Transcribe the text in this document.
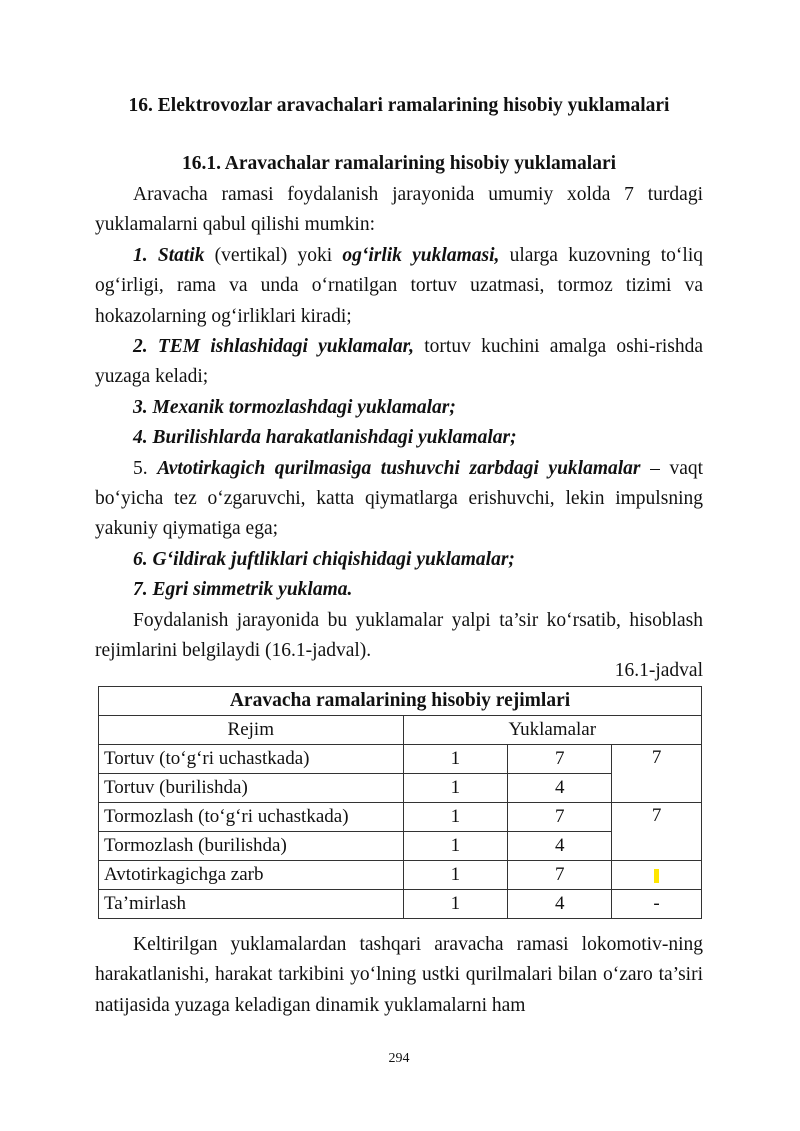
16. Elektrovozlar aravachalari ramalarining hisobiy yuklamalari
16.1. Aravachalar ramalarining hisobiy yuklamalari

Aravacha ramasi foydalanish jarayonida umumiy xolda 7 turdagi yuklamalarni qabul qilishi mumkin:

1. Statik (vertikal) yoki og‘irlik yuklamasi, ularga kuzovning to‘liq og‘irligi, rama va unda o‘rnatilgan tortuv uzatmasi, tormoz tizimi va hokazolarning og‘irliklari kiradi;

2. TEM ishlashidagi yuklamalar, tortuv kuchini amalga oshi-rishda yuzaga keladi;

3. Mexanik tormozlashdagi yuklamalar;

4. Burilishlarda harakatlanishdagi yuklamalar;

5. Avtotirkagich qurilmasiga tushuvchi zarbdagi yuklamalar – vaqt bo‘yicha tez o‘zgaruvchi, katta qiymatlarga erishuvchi, lekin impulsning yakuniy qiymatiga ega;

6. G‘ildirak juftliklari chiqishidagi yuklamalar;

7. Egri simmetrik yuklama.

Foydalanish jarayonida bu yuklamalar yalpi ta’sir ko‘rsatib, hisoblash rejimlarini belgilaydi (16.1-jadval).

16.1-jadval
Aravacha ramalarining hisobiy rejimlari			
Rejim	Yuklamalar		
Tortuv (to‘g‘ri uchastkada)	1	7	7
Tortuv (burilishda)	1	4	
Tormozlash (to‘g‘ri uchastkada)	1	7	7
Tormozlash (burilishda)	1	4	
Avtotirkagichga zarb	1	7	
Ta’mirlash	1	4	-

Keltirilgan yuklamalardan tashqari aravacha ramasi lokomotiv-ning harakatlanishi, harakat tarkibini yo‘lning ustki qurilmalari bilan o‘zaro ta’siri natijasida yuzaga keladigan dinamik yuklamalarni ham

294
